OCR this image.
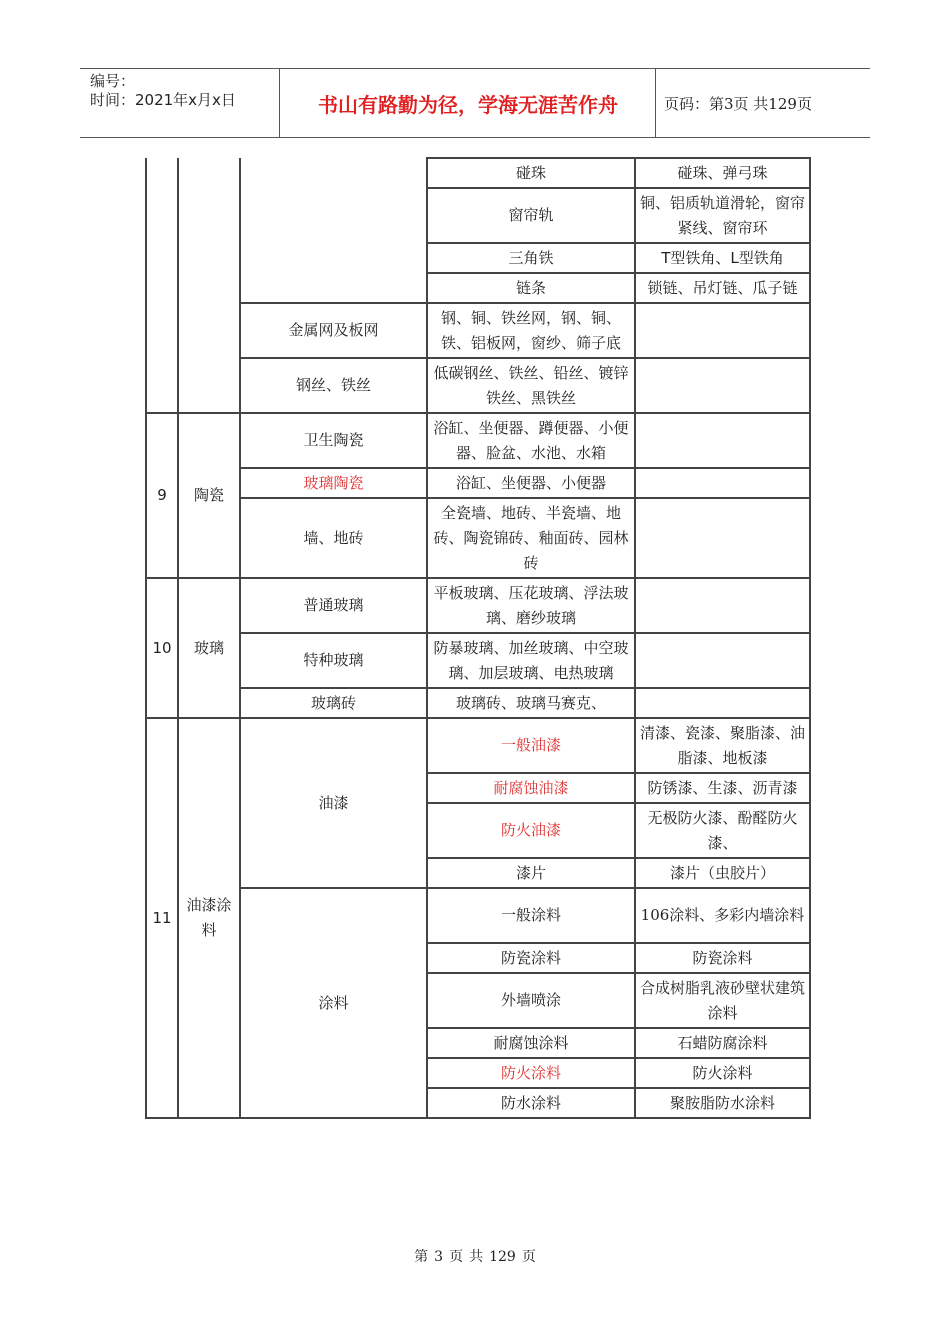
编号：
时间：2021年x月x日	书山有路勤为径，学海无涯苦作舟	页码：第3页 共129页
			碰珠	碰珠、弹弓珠
			窗帘轨	铜、铝质轨道滑轮，窗帘紧线、窗帘环
			三角铁	T型铁角、L型铁角
			链条	锁链、吊灯链、瓜子链
		金属网及板网	钢、铜、铁丝网，钢、铜、铁、铝板网，窗纱、筛子底	
		钢丝、铁丝	低碳钢丝、铁丝、铅丝、镀锌铁丝、黑铁丝	
9	陶瓷	卫生陶瓷	浴缸、坐便器、蹲便器、小便器、脸盆、水池、水箱	
		玻璃陶瓷	浴缸、坐便器、小便器	
		墙、地砖	全瓷墙、地砖、半瓷墙、地砖、陶瓷锦砖、釉面砖、园林砖	
10	玻璃	普通玻璃	平板玻璃、压花玻璃、浮法玻璃、磨纱玻璃	
		特种玻璃	防暴玻璃、加丝玻璃、中空玻璃、加层玻璃、电热玻璃	
		玻璃砖	玻璃砖、玻璃马赛克、	
11	油漆涂料	油漆	一般油漆	清漆、瓷漆、聚脂漆、油脂漆、地板漆
			耐腐蚀油漆	防锈漆、生漆、沥青漆
			防火油漆	无极防火漆、酚醛防火漆、
			漆片	漆片（虫胶片）
		涂料	一般涂料	106涂料、多彩内墙涂料
			防瓷涂料	防瓷涂料
			外墙喷涂	合成树脂乳液砂壁状建筑涂料
			耐腐蚀涂料	石蜡防腐涂料
			防火涂料	防火涂料
			防水涂料	聚胺脂防水涂料
第 3 页 共 129 页
